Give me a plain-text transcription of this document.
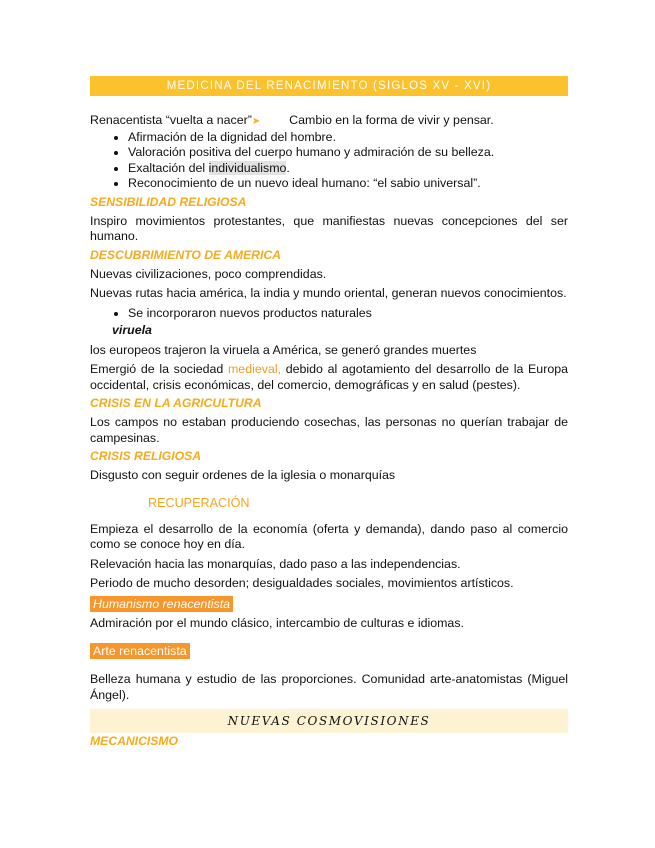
MEDICINA DEL RENACIMIENTO (SIGLOS XV - XVI)

Renacentista “vuelta a nacer”➤ Cambio en la forma de vivir y pensar.

• Afirmación de la dignidad del hombre.
• Valoración positiva del cuerpo humano y admiración de su belleza.
• Exaltación del individualismo.
• Reconocimiento de un nuevo ideal humano: “el sabio universal”.
SENSIBILIDAD RELIGIOSA

Inspiro movimientos protestantes, que manifiestas nuevas concepciones del ser humano.

DESCUBRIMIENTO DE AMERICA

Nuevas civilizaciones, poco comprendidas.

Nuevas rutas hacia américa, la india y mundo oriental, generan nuevos conocimientos.

• Se incorporaron nuevos productos naturales

viruela

los europeos trajeron la viruela a América, se generó grandes muertes

Emergió de la sociedad medieval, debido al agotamiento del desarrollo de la Europa occidental, crisis económicas, del comercio, demográficas y en salud (pestes).

CRISIS EN LA AGRICULTURA

Los campos no estaban produciendo cosechas, las personas no querían trabajar de campesinas.

CRISIS RELIGIOSA

Disgusto con seguir ordenes de la iglesia o monarquías

RECUPERACIÓN

Empieza el desarrollo de la economía (oferta y demanda), dando paso al comercio como se conoce hoy en día.

Relevación hacia las monarquías, dado paso a las independencias.

Periodo de mucho desorden; desigualdades sociales, movimientos artísticos.

Humanismo renacentista

Admiración por el mundo clásico, intercambio de culturas e idiomas.

Arte renacentista

Belleza humana y estudio de las proporciones. Comunidad arte-anatomistas (Miguel Ángel).

NUEVAS COSMOVISIONES
MECANICISMO
